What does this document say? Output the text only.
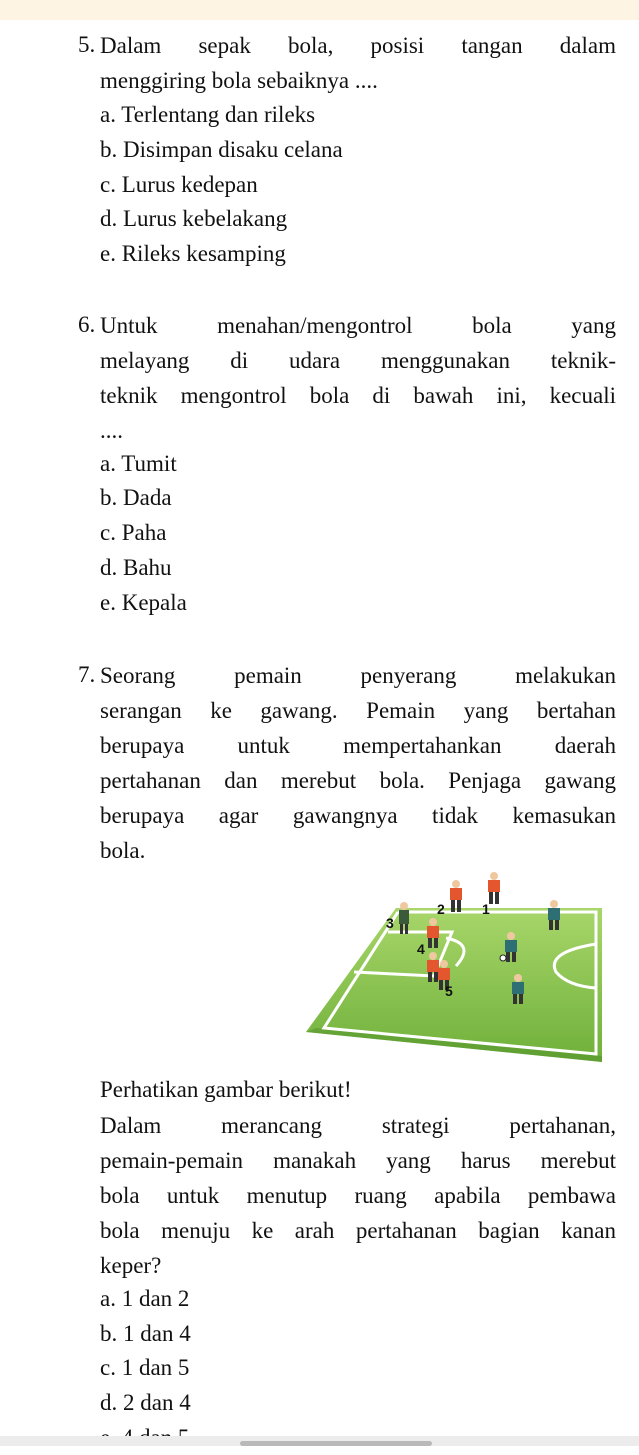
5. Dalam sepak bola, posisi tangan dalam
menggiring bola sebaiknya ....
a. Terlentang dan rileks
b. Disimpan disaku celana
c. Lurus kedepan
d. Lurus kebelakang
e. Rileks kesamping
6. Untuk menahan/mengontrol bola yang
melayang di udara menggunakan teknik-
teknik mengontrol bola di bawah ini, kecuali
....
a. Tumit
b. Dada
c. Paha
d. Bahu
e. Kepala
7. Seorang pemain penyerang melakukan
serangan ke gawang. Pemain yang bertahan
berupaya untuk mempertahankan daerah
pertahanan dan merebut bola. Penjaga gawang
berupaya agar gawangnya tidak kemasukan
bola.
1
2
3
4
5
Perhatikan gambar berikut!
Dalam merancang strategi pertahanan,
pemain-pemain manakah yang harus merebut
bola untuk menutup ruang apabila pembawa
bola menuju ke arah pertahanan bagian kanan
keper?
a. 1 dan 2
b. 1 dan 4
c. 1 dan 5
d. 2 dan 4
